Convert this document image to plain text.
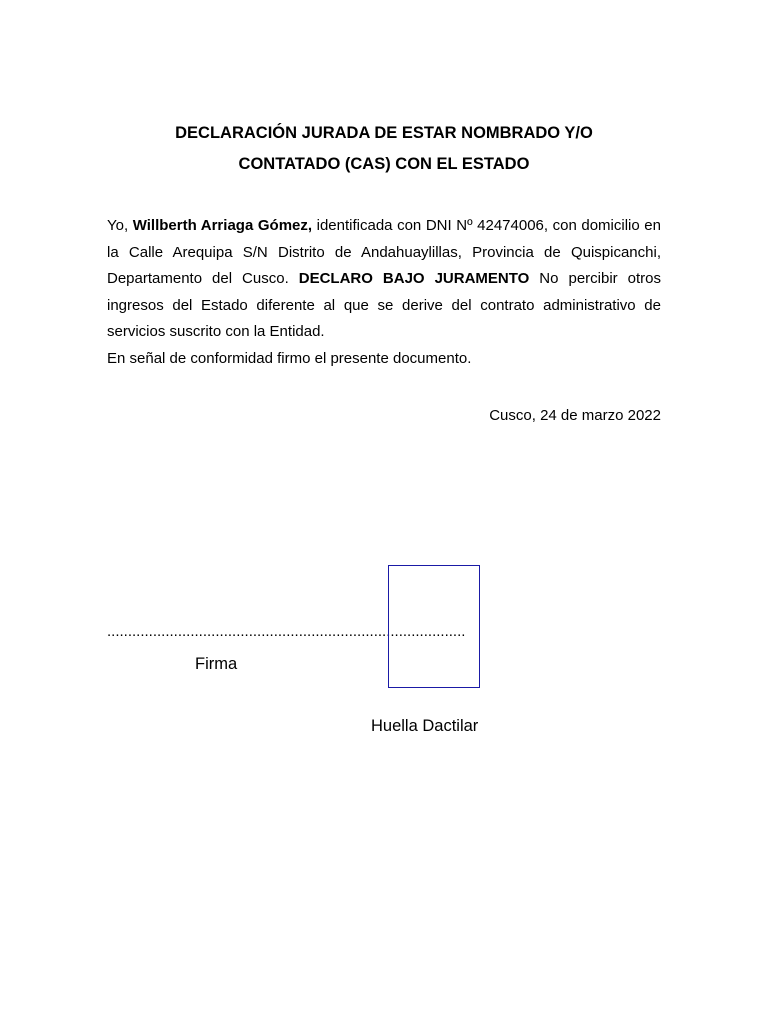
DECLARACIÓN JURADA DE ESTAR NOMBRADO Y/O
CONTATADO (CAS) CON EL ESTADO

Yo, Willberth Arriaga Gómez, identificada con DNI Nº 42474006, con domicilio en la Calle Arequipa S/N Distrito de Andahuaylillas, Provincia de Quispicanchi, Departamento del Cusco. DECLARO BAJO JURAMENTO No percibir otros ingresos del Estado diferente al que se derive del contrato administrativo de servicios suscrito con la Entidad.

En señal de conformidad firmo el presente documento.

Cusco, 24 de marzo 2022
......................................................................................
Firma
Huella Dactilar
